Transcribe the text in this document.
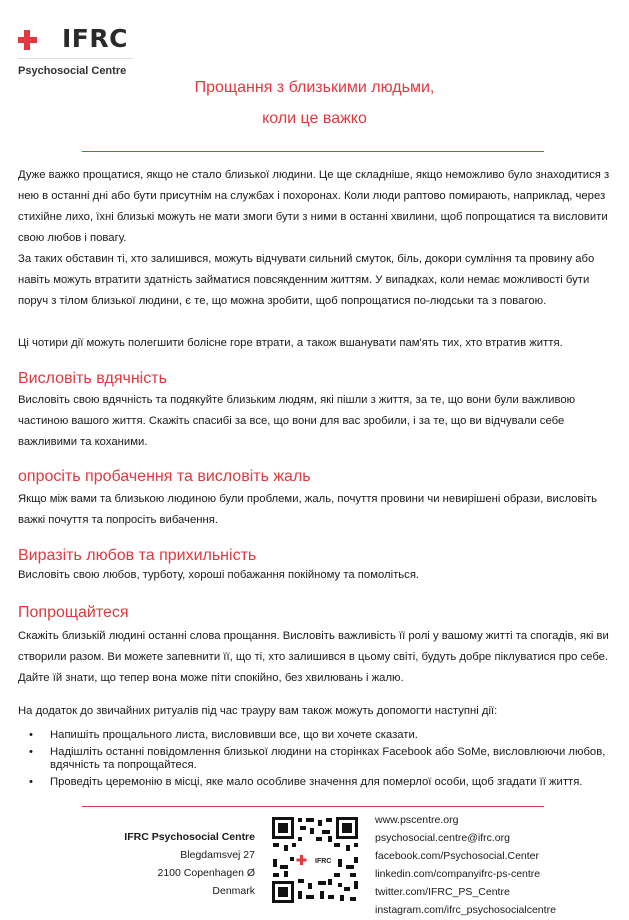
IFRC
Psychosocial Centre
Прощання з близькими людьми,
коли це важко
Дуже важко прощатися, якщо не стало близької людини. Це ще складніше, якщо неможливо було знаходитися з нею в останні дні або бути присутнім на службах і похоронах. Коли люди раптово помирають, наприклад, через стихійне лихо, їхні близькі можуть не мати змоги бути з ними в останні хвилини, щоб попрощатися та висловити свою любов і повагу.
За таких обставин ті, хто залишився, можуть відчувати сильний смуток, біль, докори сумління та провину або навіть можуть втратити здатність займатися повсякденним життям. У випадках, коли немає можливості бути поруч з тілом близької людини, є те, що можна зробити, щоб попрощатися по-людськи та з повагою.
Ці чотири дії можуть полегшити болісне горе втрати, а також вшанувати пам'ять тих, хто втратив життя.
Висловіть вдячність
Висловіть свою вдячність та подякуйте близьким людям, які пішли з життя, за те, що вони були важливою частиною вашого життя. Скажіть спасибі за все, що вони для вас зробили, і за те, що ви відчували себе важливими та коханими.
опросіть пробачення та висловіть жаль
Якщо між вами та близькою людиною були проблеми, жаль, почуття провини чи невирішені образи, висловіть важкі почуття та попросіть вибачення.
Виразіть любов та прихильність
Висловіть свою любов, турботу, хороші побажання покійному та помоліться.
Попрощайтеся
Скажіть близькій людині останні слова прощання. Висловіть важливість її ролі у вашому житті та спогадів, які ви створили разом. Ви можете запевнити її, що ті, хто залишився в цьому світі, будуть добре піклуватися про себе. Дайте їй знати, що тепер вона може піти спокійно, без хвилювань і жалю.
На додаток до звичайних ритуалів під час трауру вам також можуть допомогти наступні дії:
• Напишіть прощального листа, висловивши все, що ви хочете сказати.
• Надішліть останні повідомлення близької людини на сторінках Facebook або SoMe, висловлюючи любов, вдячність та попрощайтеся.
• Проведіть церемонію в місці, яке мало особливе значення для померлої особи, щоб згадати її життя.
IFRC Psychosocial Centre
Blegdamsvej 27
2100 Copenhagen Ø
Denmark
IFRC
www.pscentre.org
psychosocial.centre@ifrc.org
facebook.com/Psychosocial.Center
linkedin.com/companyifrc-ps-centre
twitter.com/IFRC_PS_Centre
instagram.com/ifrc_psychosocialcentre
